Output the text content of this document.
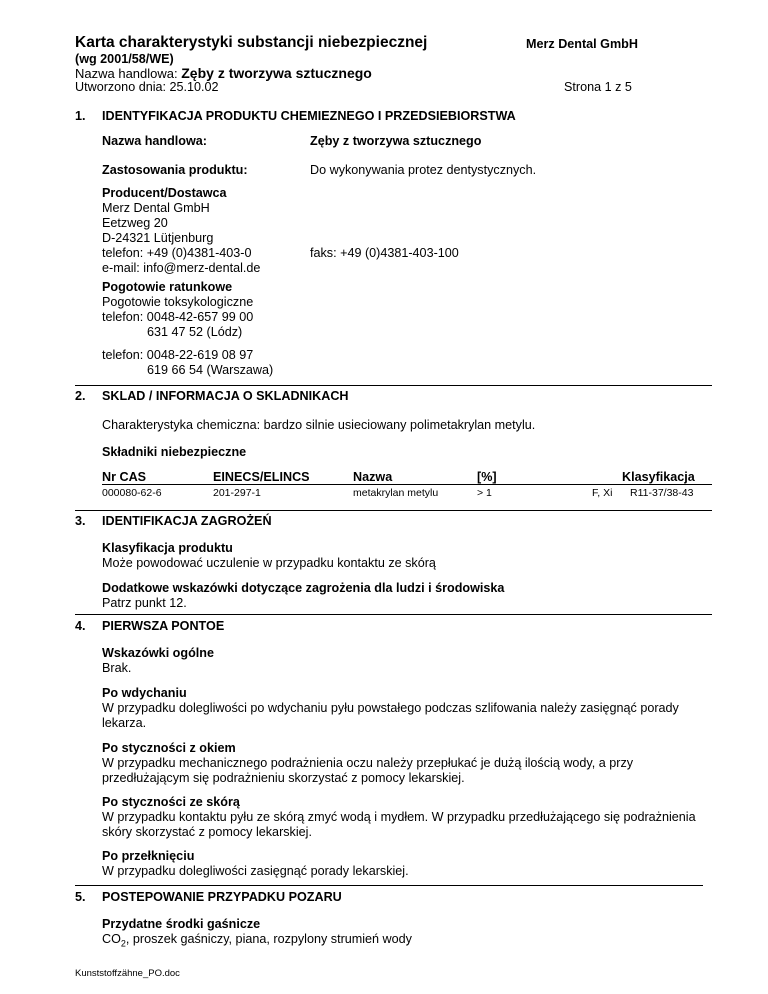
Karta charakterystyki substancji niebezpiecznej	Merz Dental GmbH
(wg 2001/58/WE)
Nazwa handlowa: Zęby z tworzywa sztucznego
Utworzono dnia: 25.10.02	Strona 1 z 5
1. IDENTYFIKACJA PRODUKTU CHEMIEZNEGO I PRZEDSIEBIORSTWA
Nazwa handlowa:	Zęby z tworzywa sztucznego
Zastosowania produktu:	Do wykonywania protez dentystycznych.
Producent/Dostawca
Merz Dental GmbH
Eetzweg 20
D-24321 Lütjenburg
telefon: +49 (0)4381-403-0
e-mail: info@merz-dental.de
faks: +49 (0)4381-403-100
Pogotowie ratunkowe
Pogotowie toksykologiczne
telefon: 0048-42-657 99 00
631 47 52 (Lódz)
telefon: 0048-22-619 08 97
619 66 54 (Warszawa)
2. SKLAD / INFORMACJA O SKLADNIKACH
Charakterystyka chemiczna: bardzo silnie usieciowany polimetakrylan metylu.
Składniki niebezpieczne
Nr CAS	EINECS/ELINCS	Nazwa	[%]	Klasyfikacja
000080-62-6	201-297-1	metakrylan metylu	> 1	F, Xi R11-37/38-43
3. IDENTIFIKACJA ZAGROŻEŃ
Klasyfikacja produktu
Może powodować uczulenie w przypadku kontaktu ze skórą
Dodatkowe wskazówki dotyczące zagrożenia dla ludzi i środowiska
Patrz punkt 12.
4. PIERWSZA PONTOE
Wskazówki ogólne
Brak.
Po wdychaniu
W przypadku dolegliwości po wdychaniu pyłu powstałego podczas szlifowania należy zasięgnąć porady lekarza.
Po styczności z okiem
W przypadku mechanicznego podrażnienia oczu należy przepłukać je dużą ilością wody, a przy przedłużającym się podrażnieniu skorzystać z pomocy lekarskiej.
Po styczności ze skórą
W przypadku kontaktu pyłu ze skórą zmyć wodą i mydłem. W przypadku przedłużającego się podrażnienia skóry skorzystać z pomocy lekarskiej.
Po przełknięciu
W przypadku dolegliwości zasięgnąć porady lekarskiej.
5. POSTEPOWANIE PRZYPADKU POZARU
Przydatne środki gaśnicze
$CO_2$, proszek gaśniczy, piana, rozpylony strumień wody
Kunststoffzähne_PO.doc
